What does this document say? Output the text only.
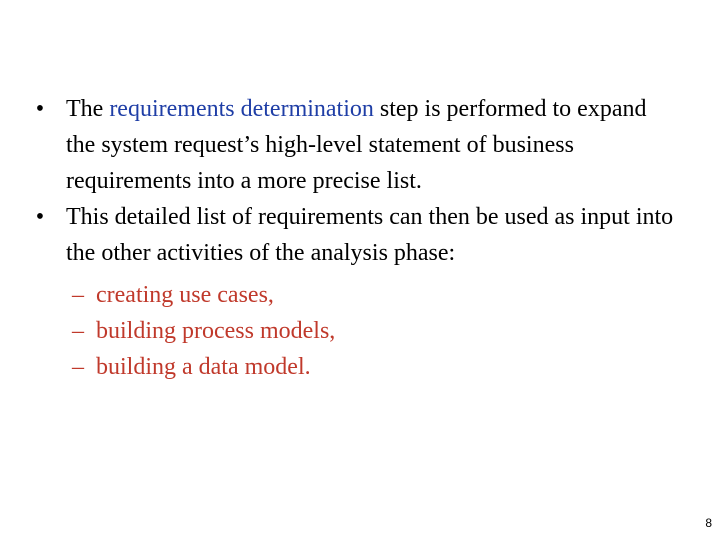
• The requirements determination step is performed to expand the system request’s high-level statement of business requirements into a more precise list.
• This detailed list of requirements can then be used as input into the other activities of the analysis phase:
– creating use cases,
– building process models,
– building a data model.
8
